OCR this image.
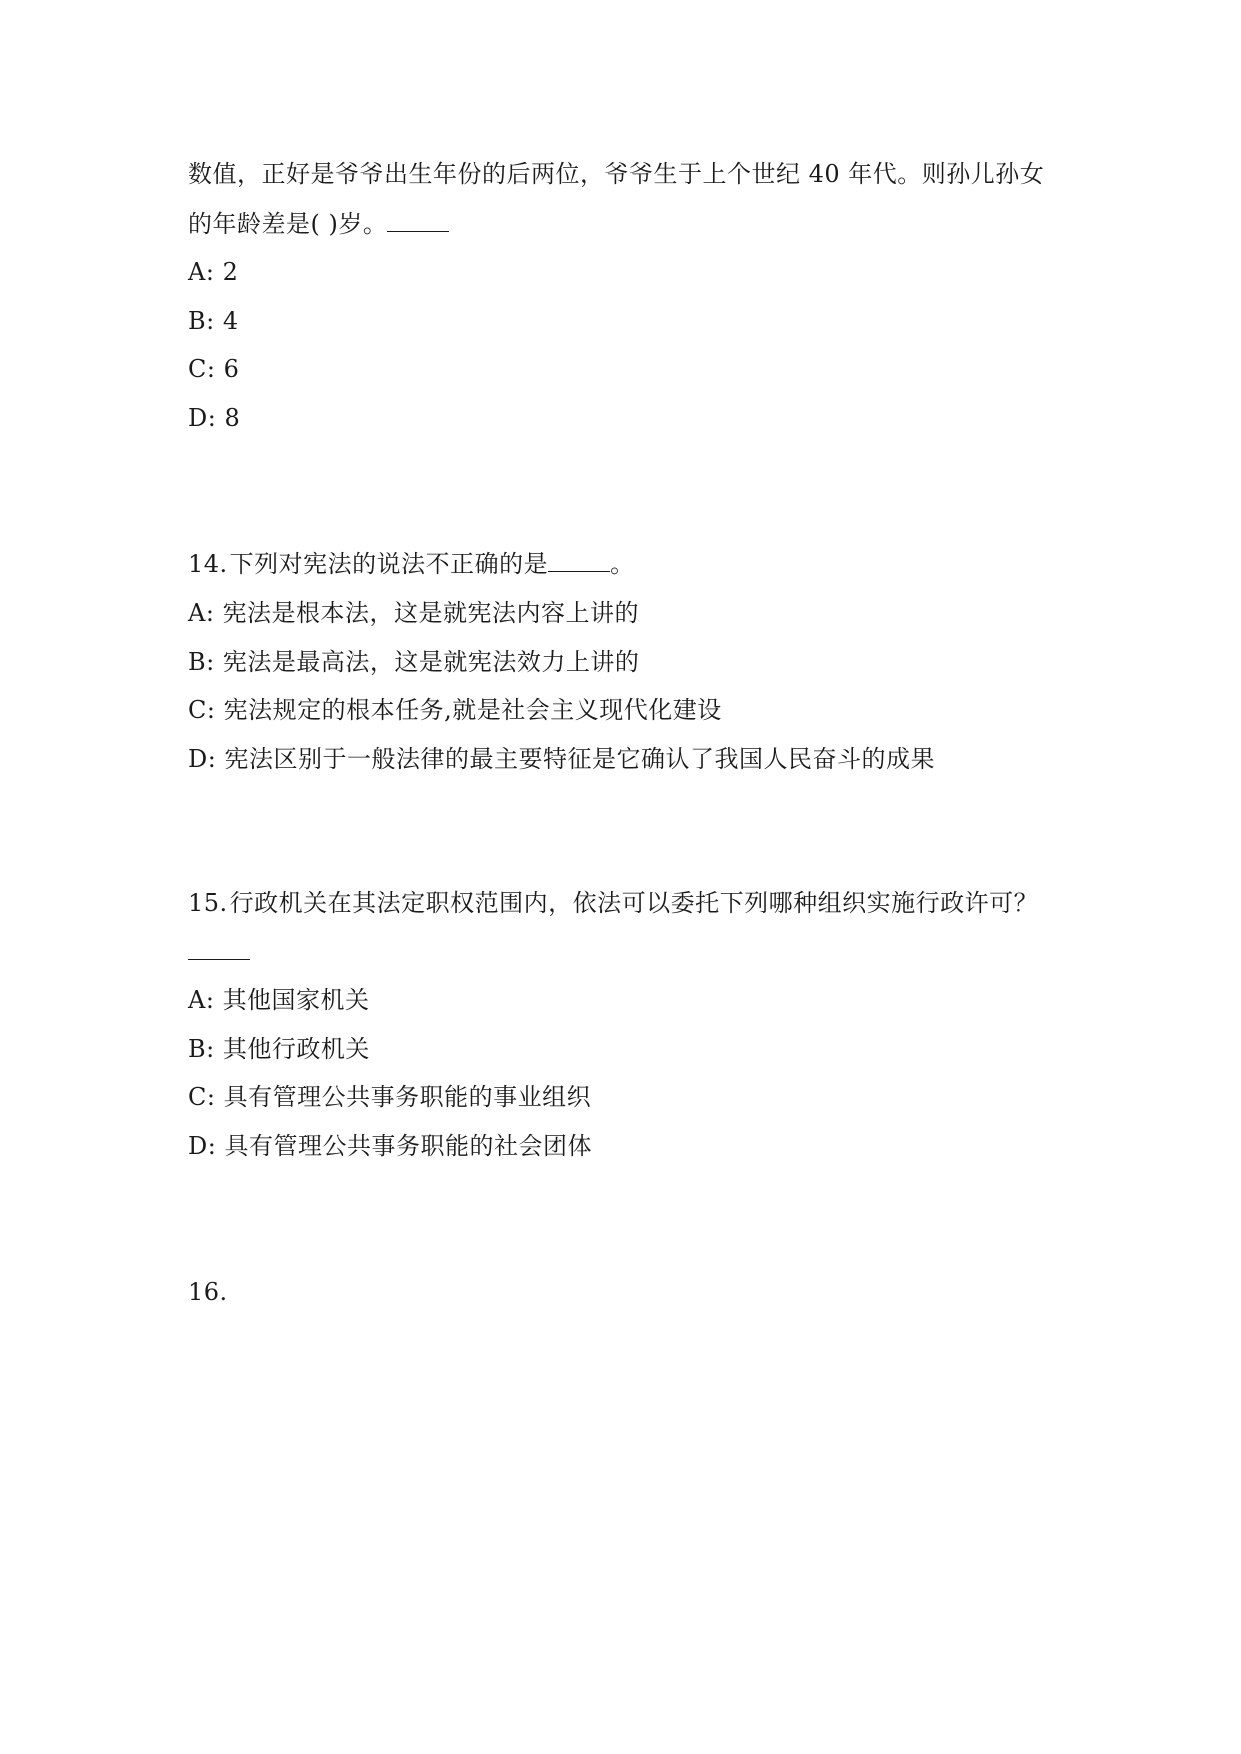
数值，正好是爷爷出生年份的后两位，爷爷生于上个世纪 40 年代。则孙儿孙女
的年龄差是( )岁。
A: 2
B: 4
C: 6
D: 8
14.下列对宪法的说法不正确的是	。
A: 宪法是根本法，这是就宪法内容上讲的
B: 宪法是最高法，这是就宪法效力上讲的
C: 宪法规定的根本任务,就是社会主义现代化建设
D: 宪法区别于一般法律的最主要特征是它确认了我国人民奋斗的成果
15.行政机关在其法定职权范围内，依法可以委托下列哪种组织实施行政许可？
A: 其他国家机关
B: 其他行政机关
C: 具有管理公共事务职能的事业组织
D: 具有管理公共事务职能的社会团体
16.
